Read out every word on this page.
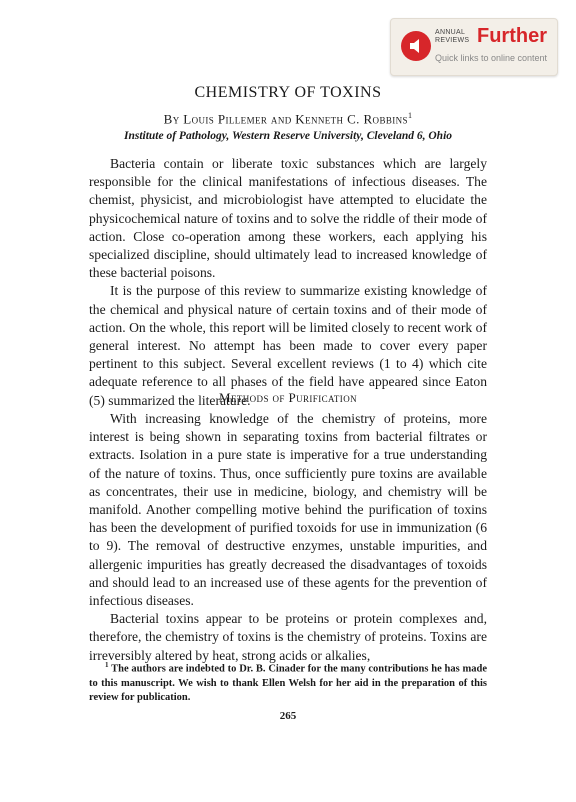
ANNUAL
REVIEWS Further
Quick links to online content
CHEMISTRY OF TOXINS
By Louis Pillemer and Kenneth C. Robbins$^1$
Institute of Pathology, Western Reserve University, Cleveland 6, Ohio

Bacteria contain or liberate toxic substances which are largely responsible for the clinical manifestations of infectious diseases. The chemist, physicist, and microbiologist have attempted to elucidate the physicochemical nature of toxins and to solve the riddle of their mode of action. Close co-operation among these workers, each applying his specialized discipline, should ultimately lead to increased knowledge of these bacterial poisons.

It is the purpose of this review to summarize existing knowledge of the chemical and physical nature of certain toxins and of their mode of action. On the whole, this report will be limited closely to recent work of general interest. No attempt has been made to cover every paper pertinent to this subject. Several excellent reviews (1 to 4) which cite adequate reference to all phases of the field have appeared since Eaton (5) summarized the literature.

Methods of Purification

With increasing knowledge of the chemistry of proteins, more interest is being shown in separating toxins from bacterial filtrates or extracts. Isolation in a pure state is imperative for a true understanding of the nature of toxins. Thus, once sufficiently pure toxins are available as concentrates, their use in medicine, biology, and chemistry will be manifold. Another compelling motive behind the purification of toxins has been the development of purified toxoids for use in immunization (6 to 9). The removal of destructive enzymes, unstable impurities, and allergenic impurities has greatly decreased the disadvantages of toxoids and should lead to an increased use of these agents for the prevention of infectious diseases.

Bacterial toxins appear to be proteins or protein complexes and, therefore, the chemistry of toxins is the chemistry of proteins. Toxins are irreversibly altered by heat, strong acids or alkalies,

$^1$ The authors are indebted to Dr. B. Cinader for the many contributions he has made to this manuscript. We wish to thank Ellen Welsh for her aid in the preparation of this review for publication.
265
